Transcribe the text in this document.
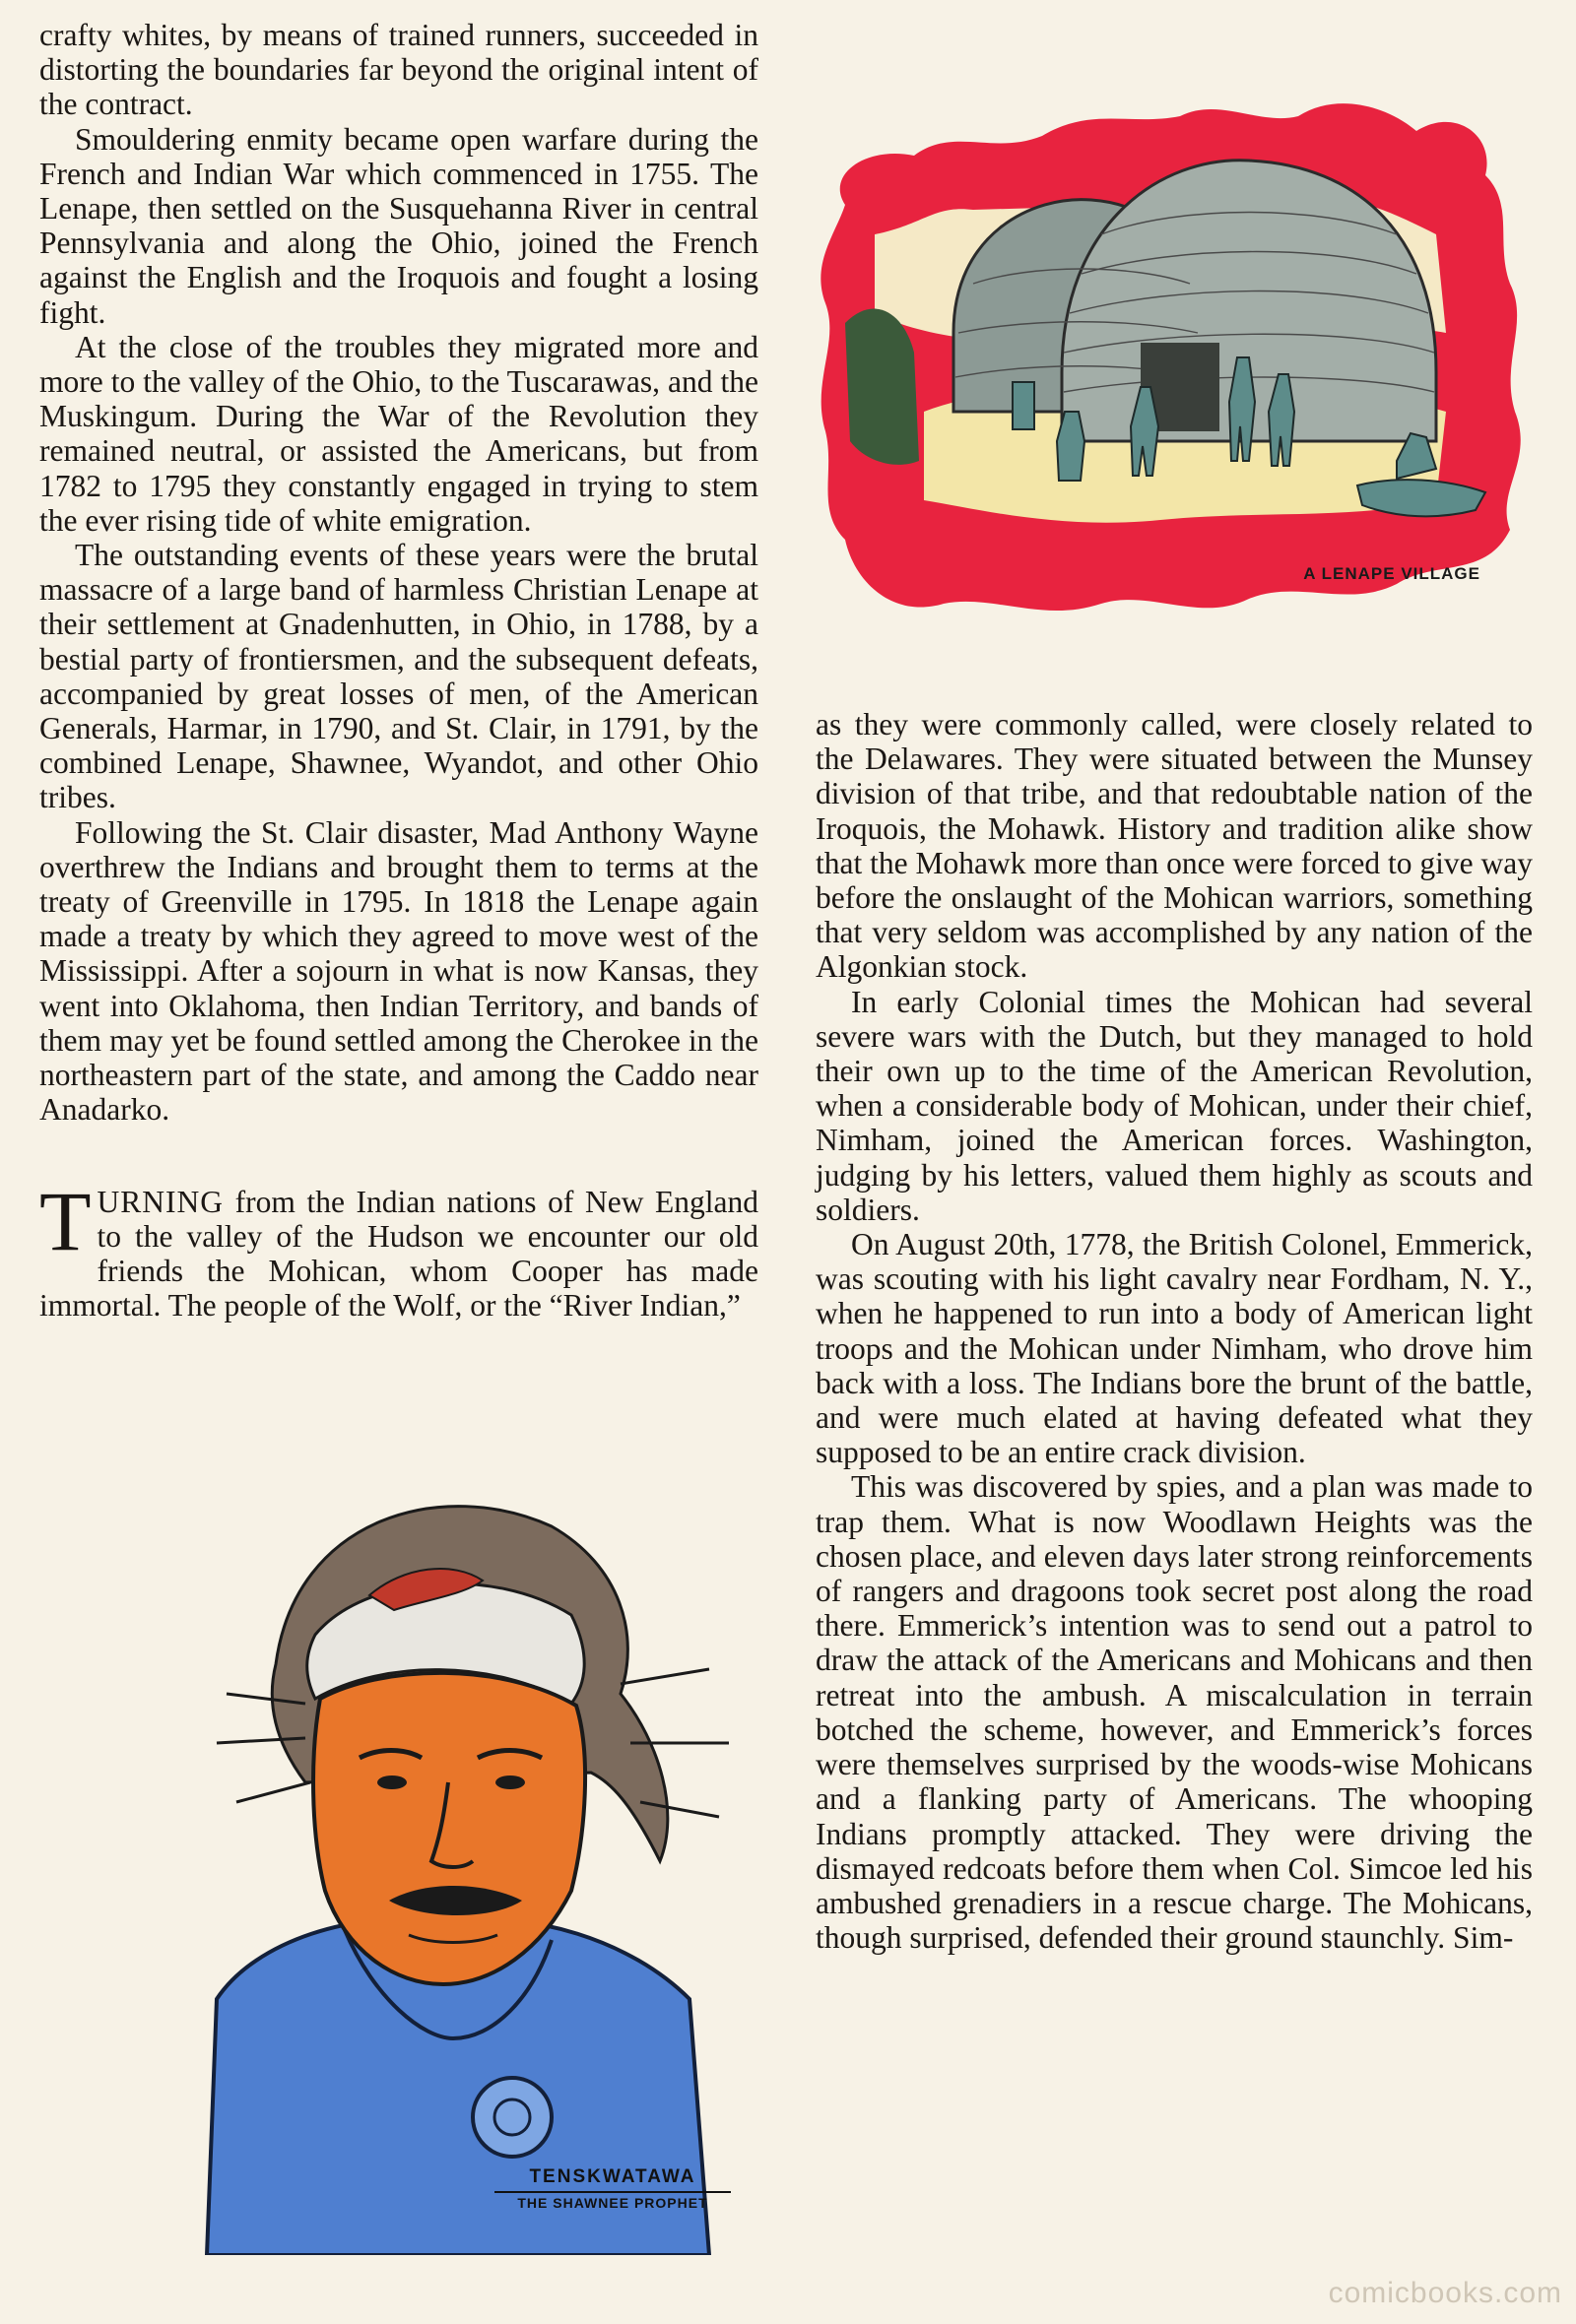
crafty whites, by means of trained runners, succeeded in distorting the boundaries far beyond the original intent of the contract.

Smouldering enmity became open warfare during the French and Indian War which commenced in 1755. The Lenape, then settled on the Susquehanna River in central Pennsylvania and along the Ohio, joined the French against the English and the Iroquois and fought a losing fight.

At the close of the troubles they migrated more and more to the valley of the Ohio, to the Tuscarawas, and the Muskingum. During the War of the Revolution they remained neutral, or assisted the Americans, but from 1782 to 1795 they constantly engaged in trying to stem the ever rising tide of white emigration.

The outstanding events of these years were the brutal massacre of a large band of harmless Christian Lenape at their settlement at Gnadenhutten, in Ohio, in 1788, by a bestial party of frontiersmen, and the subsequent defeats, accompanied by great losses of men, of the American Generals, Harmar, in 1790, and St. Clair, in 1791, by the combined Lenape, Shawnee, Wyandot, and other Ohio tribes.

Following the St. Clair disaster, Mad Anthony Wayne overthrew the Indians and brought them to terms at the treaty of Greenville in 1795. In 1818 the Lenape again made a treaty by which they agreed to move west of the Mississippi. After a sojourn in what is now Kansas, they went into Oklahoma, then Indian Territory, and bands of them may yet be found settled among the Cherokee in the northeastern part of the state, and among the Caddo near Anadarko.

TURNING from the Indian nations of New England to the valley of the Hudson we encounter our old friends the Mohican, whom Cooper has made immortal. The people of the Wolf, or the “River Indian,”

A LENAPE VILLAGE

as they were commonly called, were closely related to the Delawares. They were situated between the Munsey division of that tribe, and that redoubtable nation of the Iroquois, the Mohawk. History and tradition alike show that the Mohawk more than once were forced to give way before the onslaught of the Mohican warriors, something that very seldom was accomplished by any nation of the Algonkian stock.

In early Colonial times the Mohican had several severe wars with the Dutch, but they managed to hold their own up to the time of the American Revolution, when a considerable body of Mohican, under their chief, Nimham, joined the American forces. Washington, judging by his letters, valued them highly as scouts and soldiers.

On August 20th, 1778, the British Colonel, Emmerick, was scouting with his light cavalry near Fordham, N. Y., when he happened to run into a body of American light troops and the Mohican under Nimham, who drove him back with a loss. The Indians bore the brunt of the battle, and were much elated at having defeated what they supposed to be an entire crack division.

This was discovered by spies, and a plan was made to trap them. What is now Woodlawn Heights was the chosen place, and eleven days later strong reinforcements of rangers and dragoons took secret post along the road there. Emmerick’s intention was to send out a patrol to draw the attack of the Americans and Mohicans and then retreat into the ambush. A miscalculation in terrain botched the scheme, however, and Emmerick’s forces were themselves surprised by the woods-wise Mohicans and a flanking party of Americans. The whooping Indians promptly attacked. They were driving the dismayed redcoats before them when Col. Simcoe led his ambushed grenadiers in a rescue charge. The Mohicans, though surprised, defended their ground staunchly. Sim-

TENSKWATAWA
THE SHAWNEE PROPHET
comicbooks.com
